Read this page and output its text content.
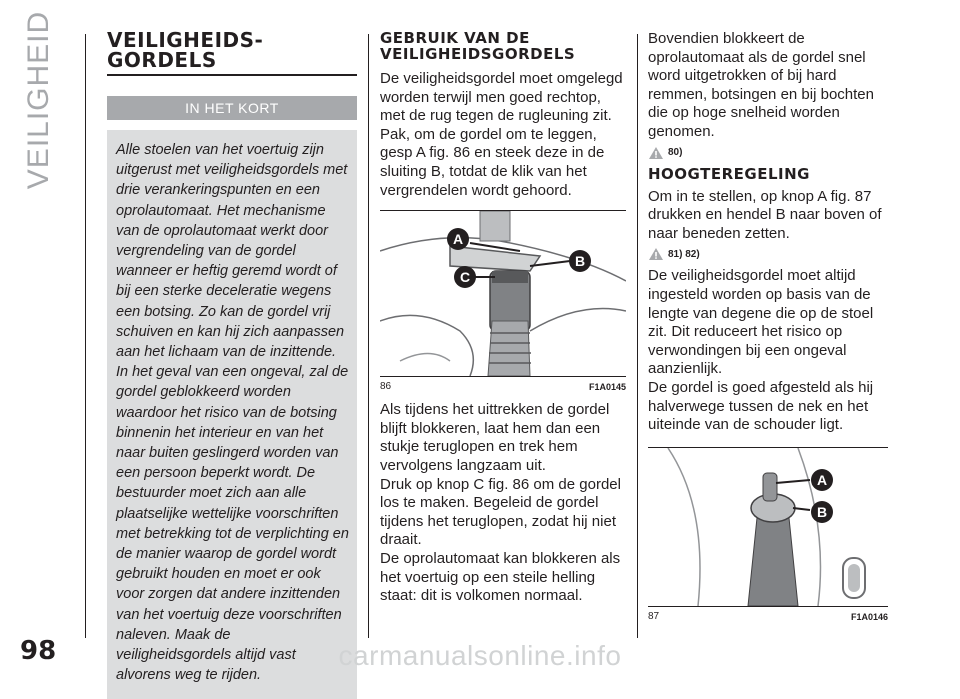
VEILIGHEID
98
VEILIGHEIDS-
GORDELS
IN HET KORT
Alle stoelen van het voertuig zijn uitgerust met veiligheidsgordels met drie verankeringspunten en een oprolautomaat. Het mechanisme van de oprolautomaat werkt door vergrendeling van de gordel wanneer er heftig geremd wordt of bij een sterke deceleratie wegens een botsing. Zo kan de gordel vrij schuiven en kan hij zich aanpassen aan het lichaam van de inzittende. In het geval van een ongeval, zal de gordel geblokkeerd worden waardoor het risico van de botsing binnenin het interieur en van het naar buiten geslingerd worden van een persoon beperkt wordt. De bestuurder moet zich aan alle plaatselijke wettelijke voorschriften met betrekking tot de verplichting en de manier waarop de gordel wordt gebruikt houden en moet er ook voor zorgen dat andere inzittenden van het voertuig deze voorschriften naleven. Maak de veiligheidsgordels altijd vast alvorens weg te rijden.
GEBRUIK VAN DE
VEILIGHEIDSGORDELS

De veiligheidsgordel moet omgelegd worden terwijl men goed rechtop, met de rug tegen de rugleuning zit.

Pak, om de gordel om te leggen, gesp A fig. 86 en steek deze in de sluiting B, totdat de klik van het vergrendelen wordt gehoord.

A
B
C
86	F1A0145

Als tijdens het uittrekken de gordel blijft blokkeren, laat hem dan een stukje teruglopen en trek hem vervolgens langzaam uit.

Druk op knop C fig. 86 om de gordel los te maken. Begeleid de gordel tijdens het teruglopen, zodat hij niet draait.

De oprolautomaat kan blokkeren als het voertuig op een steile helling staat: dit is volkomen normaal.

Bovendien blokkeert de oprolautomaat als de gordel snel word uitgetrokken of bij hard remmen, botsingen en bij bochten die op hoge snelheid worden genomen.

80)
HOOGTEREGELING

Om in te stellen, op knop A fig. 87 drukken en hendel B naar boven of naar beneden zetten.

81) 82)

De veiligheidsgordel moet altijd ingesteld worden op basis van de lengte van degene die op de stoel zit. Dit reduceert het risico op verwondingen bij een ongeval aanzienlijk.

De gordel is goed afgesteld als hij halverwege tussen de nek en het uiteinde van de schouder ligt.

A
B
87	F1A0146
carmanualsonline.info
